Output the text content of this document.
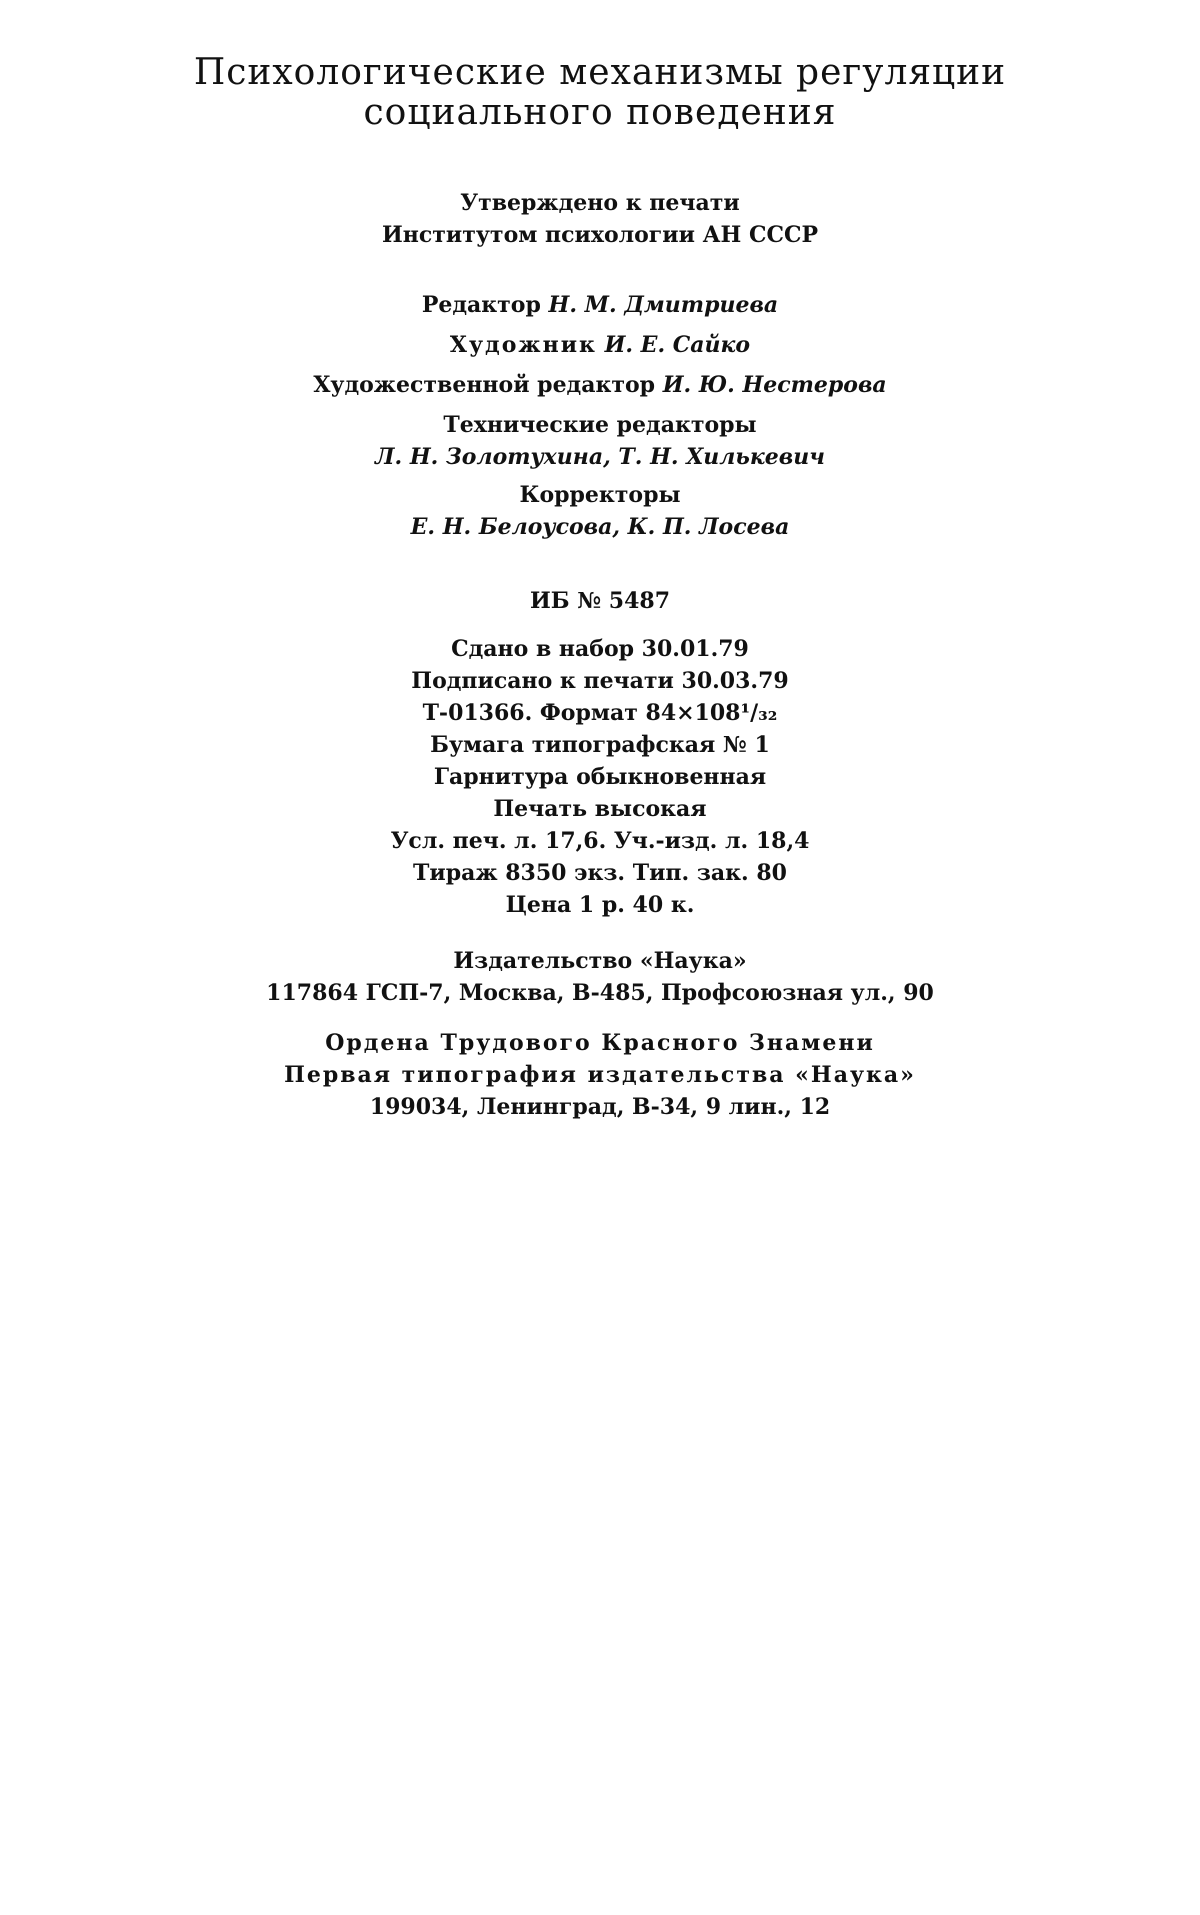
Психологические механизмы регуляции
социального поведения
Утверждено к печати
Институтом психологии АН СССР
Редактор Н. М. Дмитриева
Художник И. Е. Сайко
Художественной редактор И. Ю. Нестерова
Технические редакторы
Л. Н. Золотухина, Т. Н. Хилькевич
Корректоры
Е. Н. Белоусова, К. П. Лосева
ИБ № 5487
Сдано в набор 30.01.79
Подписано к печати 30.03.79
Т-01366. Формат 84×108¹/₃₂
Бумага типографская № 1
Гарнитура обыкновенная
Печать высокая
Усл. печ. л. 17,6. Уч.-изд. л. 18,4
Тираж 8350 экз. Тип. зак. 80
Цена 1 р. 40 к.
Издательство «Наука»
117864 ГСП-7, Москва, В-485, Профсоюзная ул., 90
Ордена Трудового Красного Знамени
Первая типография издательства «Наука»
199034, Ленинград, В-34, 9 лин., 12
